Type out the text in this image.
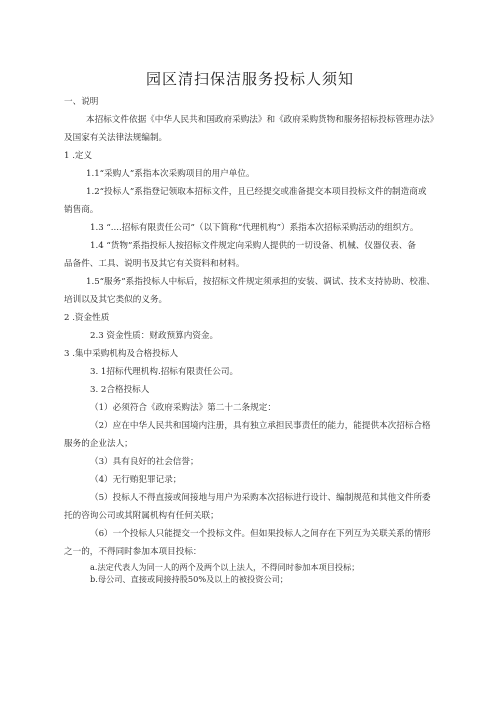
园区清扫保洁服务投标人须知
一、说明
本招标文件依据《中华人民共和国政府采购法》和《政府采购货物和服务招标投标管理办法》
及国家有关法律法规编制。
1 .定义
1.1“采购人”系指本次采购项目的用户单位。
1.2“投标人”系指登记领取本招标文件，且已经提交或准备提交本项目投标文件的制造商或
销售商。
1.3 “....招标有限责任公司”（以下简称“代理机构”）系指本次招标采购活动的组织方。
1.4 “货物”系指投标人按招标文件规定向采购人提供的一切设备、机械、仪器仪表、备
品备件、工具、说明书及其它有关资料和材料。
1.5“服务”系指投标人中标后，按招标文件规定须承担的安装、调试、技术支持协助、校准、
培训以及其它类似的义务。
2 .资金性质
2.3 资金性质：财政预算内资金。
3 .集中采购机构及合格投标人
3. 1招标代理机构.招标有限责任公司。
3. 2合格投标人
（1）必须符合《政府采购法》第二十二条规定：
（2）应在中华人民共和国境内注册，具有独立承担民事责任的能力，能提供本次招标合格
服务的企业法人；
（3）具有良好的社会信誉；
（4）无行贿犯罪记录；
（5）投标人不得直接或间接地与用户为采购本次招标进行设计、编制规范和其他文件所委
托的咨询公司或其附属机构有任何关联；
（6）一个投标人只能提交一个投标文件。但如果投标人之间存在下列互为关联关系的情形
之一的，不得同时参加本项目投标：
a.法定代表人为同一人的两个及两个以上法人，不得同时参加本项目投标；
b.母公司、直接或间接持股50%及以上的被投资公司；
